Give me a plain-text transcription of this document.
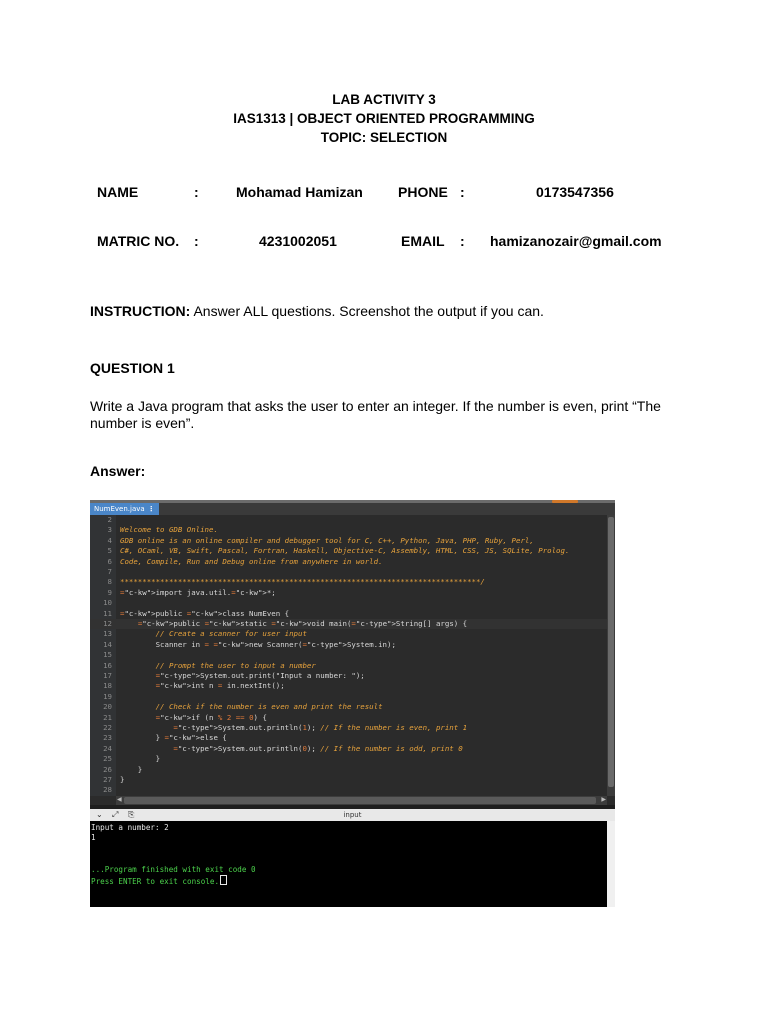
LAB ACTIVITY 3
IAS1313 | OBJECT ORIENTED PROGRAMMING
TOPIC: SELECTION
NAME	:	Mohamad Hamizan	PHONE :	0173547356
MATRIC NO. :	4231002051	EMAIL : hamizanozair@gmail.com
INSTRUCTION: Answer ALL questions. Screenshot the output if you can.
QUESTION 1
Write a Java program that asks the user to enter an integer. If the number is even, print “The
number is even”.
Answer:
NumEven.java ⋮
2
3 Welcome to GDB Online.
4 GDB online is an online compiler and debugger tool for C, C++, Python, Java, PHP, Ruby, Perl,
5 C#, OCaml, VB, Swift, Pascal, Fortran, Haskell, Objective-C, Assembly, HTML, CSS, JS, SQLite, Prolog.
6 Code, Compile, Run and Debug online from anywhere in world.
7
8 *********************************************************************************/
9 ="c-kw">import java.util.="c-kw">*;
10
11 ="c-kw">public ="c-kw">class NumEven {
12	="c-kw">public ="c-kw">static ="c-kw">void main(="c-type">String[] args) {
13	// Create a scanner for user input
14        Scanner in = ="c-kw">new Scanner(="c-type">System.in);
15
16	// Prompt the user to input a number
17	="c-type">System.out.print("Input a number: ");
18	="c-kw">int n = in.nextInt();
19
20	// Check if the number is even and print the result
21	="c-kw">if (n % 2 == 0) {
22	="c-type">System.out.println(1); // If the number is even, print 1
23        } ="c-kw">else {
24	="c-type">System.out.println(0); // If the number is odd, print 0
25        }
26    }
27 }
28
◀	▶
⌄ ⤢ ⎘	input
Input a number: 2
1
...Program finished with exit code 0
Press ENTER to exit console.
